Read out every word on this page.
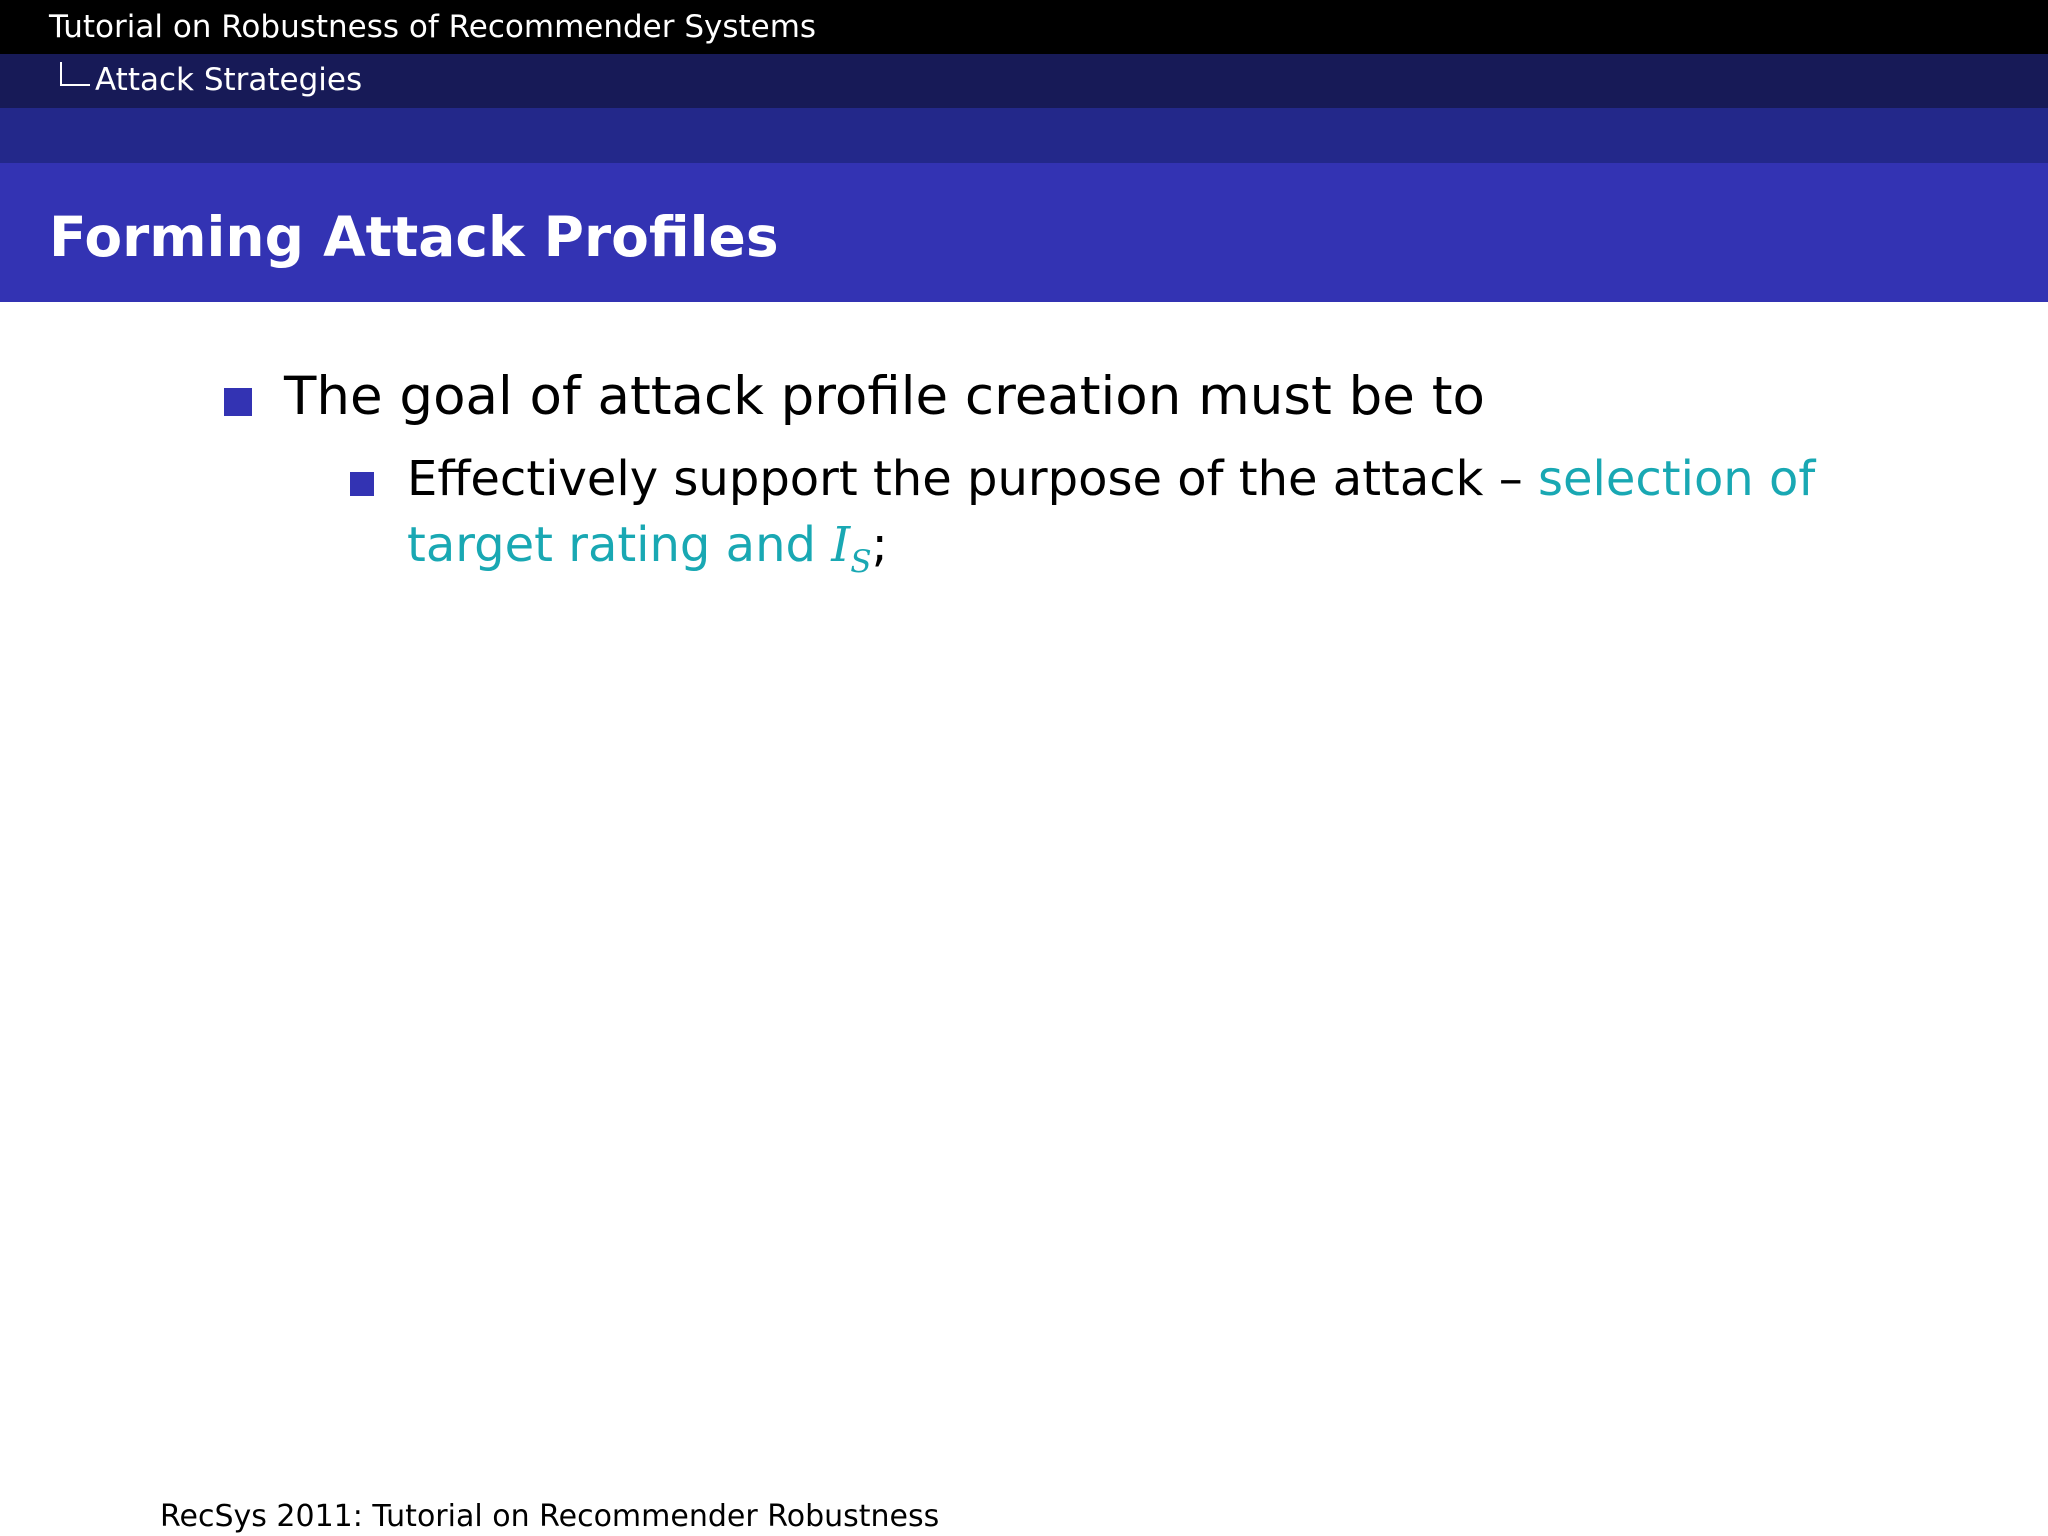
Tutorial on Robustness of Recommender Systems
Attack Strategies
Forming Attack Profiles
The goal of attack profile creation must be to
Effectively support the purpose of the attack – selection of
target rating and $I_S$;
RecSys 2011: Tutorial on Recommender Robustness
